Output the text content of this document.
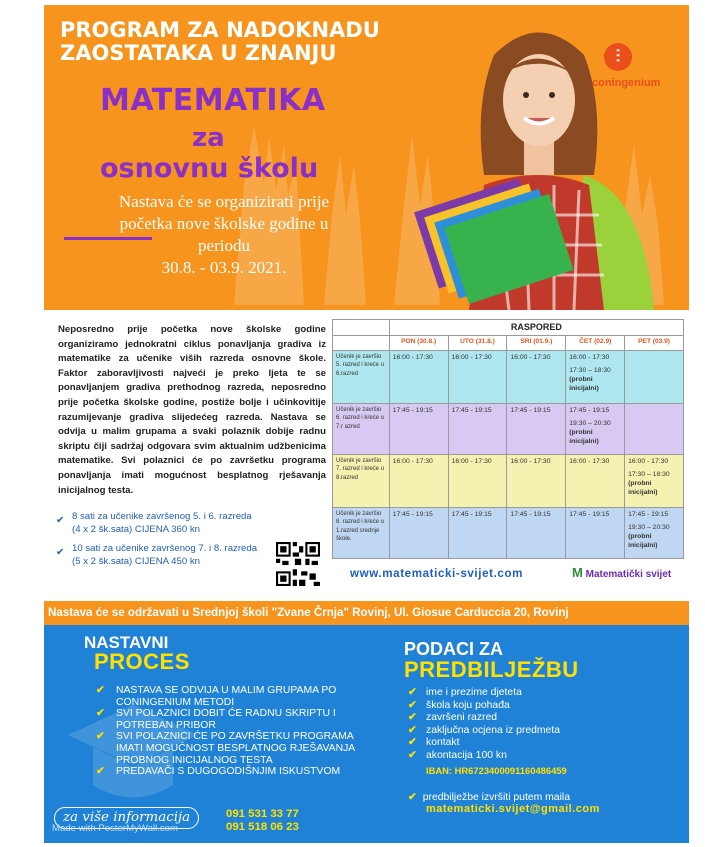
PROGRAM ZA NADOKNADU
ZAOSTATAKA U ZNANJU
MATEMATIKA
za
osnovnu školu
Nastava će se organizirati prije
početka nove školske godine u
periodu
30.8. - 03.9. 2021.
ⵗ
coningenium
Neposredno prije početka nove školske godine organiziramo jednokratni ciklus ponavljanja gradiva iz matematike za učenike viših razreda osnovne škole. Faktor zaboravljivosti najveći je preko ljeta te se ponavljanjem gradiva prethodnog razreda, neposredno prije početka školske godine, postiže bolje i učinkovitije razumijevanje gradiva slijedećeg razreda. Nastava se odvija u malim grupama a svaki polaznik dobije radnu skriptu čiji sadržaj odgovara svim aktualnim udžbenicima matematike. Svi polaznici će po završetku programa ponavljanja imati mogućnost besplatnog rješavanja inicijalnog testa.
✔ 8 sati za učenike završenog 5. i 6. razreda
(4 x 2 šk.sata) CIJENA 360 kn
✔ 10 sati za učenike završenog 7. i 8. razreda
(5 x 2 šk.sata) CIJENA 450 kn
	RASPORED				
	PON (30.8.)	UTO (31.8.)	SRI (01.9.)	ČET (02.9)	PET (03.9)
Učenik je završio 5. razred i kreće u 6.razred	16:00 - 17:30	16:00 - 17:30	16:00 - 17:30	16:00 - 17:30
17:30 – 18:30
(probni inicijalni)	

Učenik je završio 6. razred i kreće u 7.r azred	17:45 - 19:15	17:45 - 19:15	17:45 - 19:15	17:45 - 19:15
19:30 – 20:30
(probni inicijalni)	

Učenik je završio 7. razred i kreće u 8.razred	16:00 - 17:30	16:00 - 17:30	16:00 - 17:30	16:00 - 17:30	16:00 - 17:30
17:30 – 18:30
(probni inicijalni)

Učenik je završio 8. razred i kreće u 1.razred srednje škole.	17:45 - 19:15	17:45 - 19:15	17:45 - 19:15	17:45 - 19:15	17:45 - 19:15
19:30 – 20:30
(probni inicijalni)
www.matematicki-svijet.com	M Matematički svijet
Nastava će se održavati u Srednjoj školi "Zvane Črnja" Rovinj, Ul. Giosue Carduccia 20, Rovinj
NASTAVNI
PROCES
✔ NASTAVA SE ODVIJA U MALIM GRUPAMA PO CONINGENIUM METODI
✔ SVI POLAZNICI DOBIT ĆE RADNU SKRIPTU I POTREBAN PRIBOR
✔ SVI POLAZNICI ĆE PO ZAVRŠETKU PROGRAMA IMATI MOGUĆNOST BESPLATNOG RJEŠAVANJA PROBNOG INICIJALNOG TESTA
✔ PREDAVAČI S DUGOGODIŠNJIM ISKUSTVOM
PODACI ZA
PREDBILJEŽBU
✔ ime i prezime djeteta
✔ škola koju pohađa
✔ završeni razred
✔ zaključna ocjena iz predmeta
✔ kontakt
✔ akontacija 100 kn
IBAN: HR6723400091160486459
✔ predbilježbe izvršiti putem maila
matematicki.svijet@gmail.com
za više informacija	091 531 33 77
091 518 06 23
Made with PosterMyWall.com
